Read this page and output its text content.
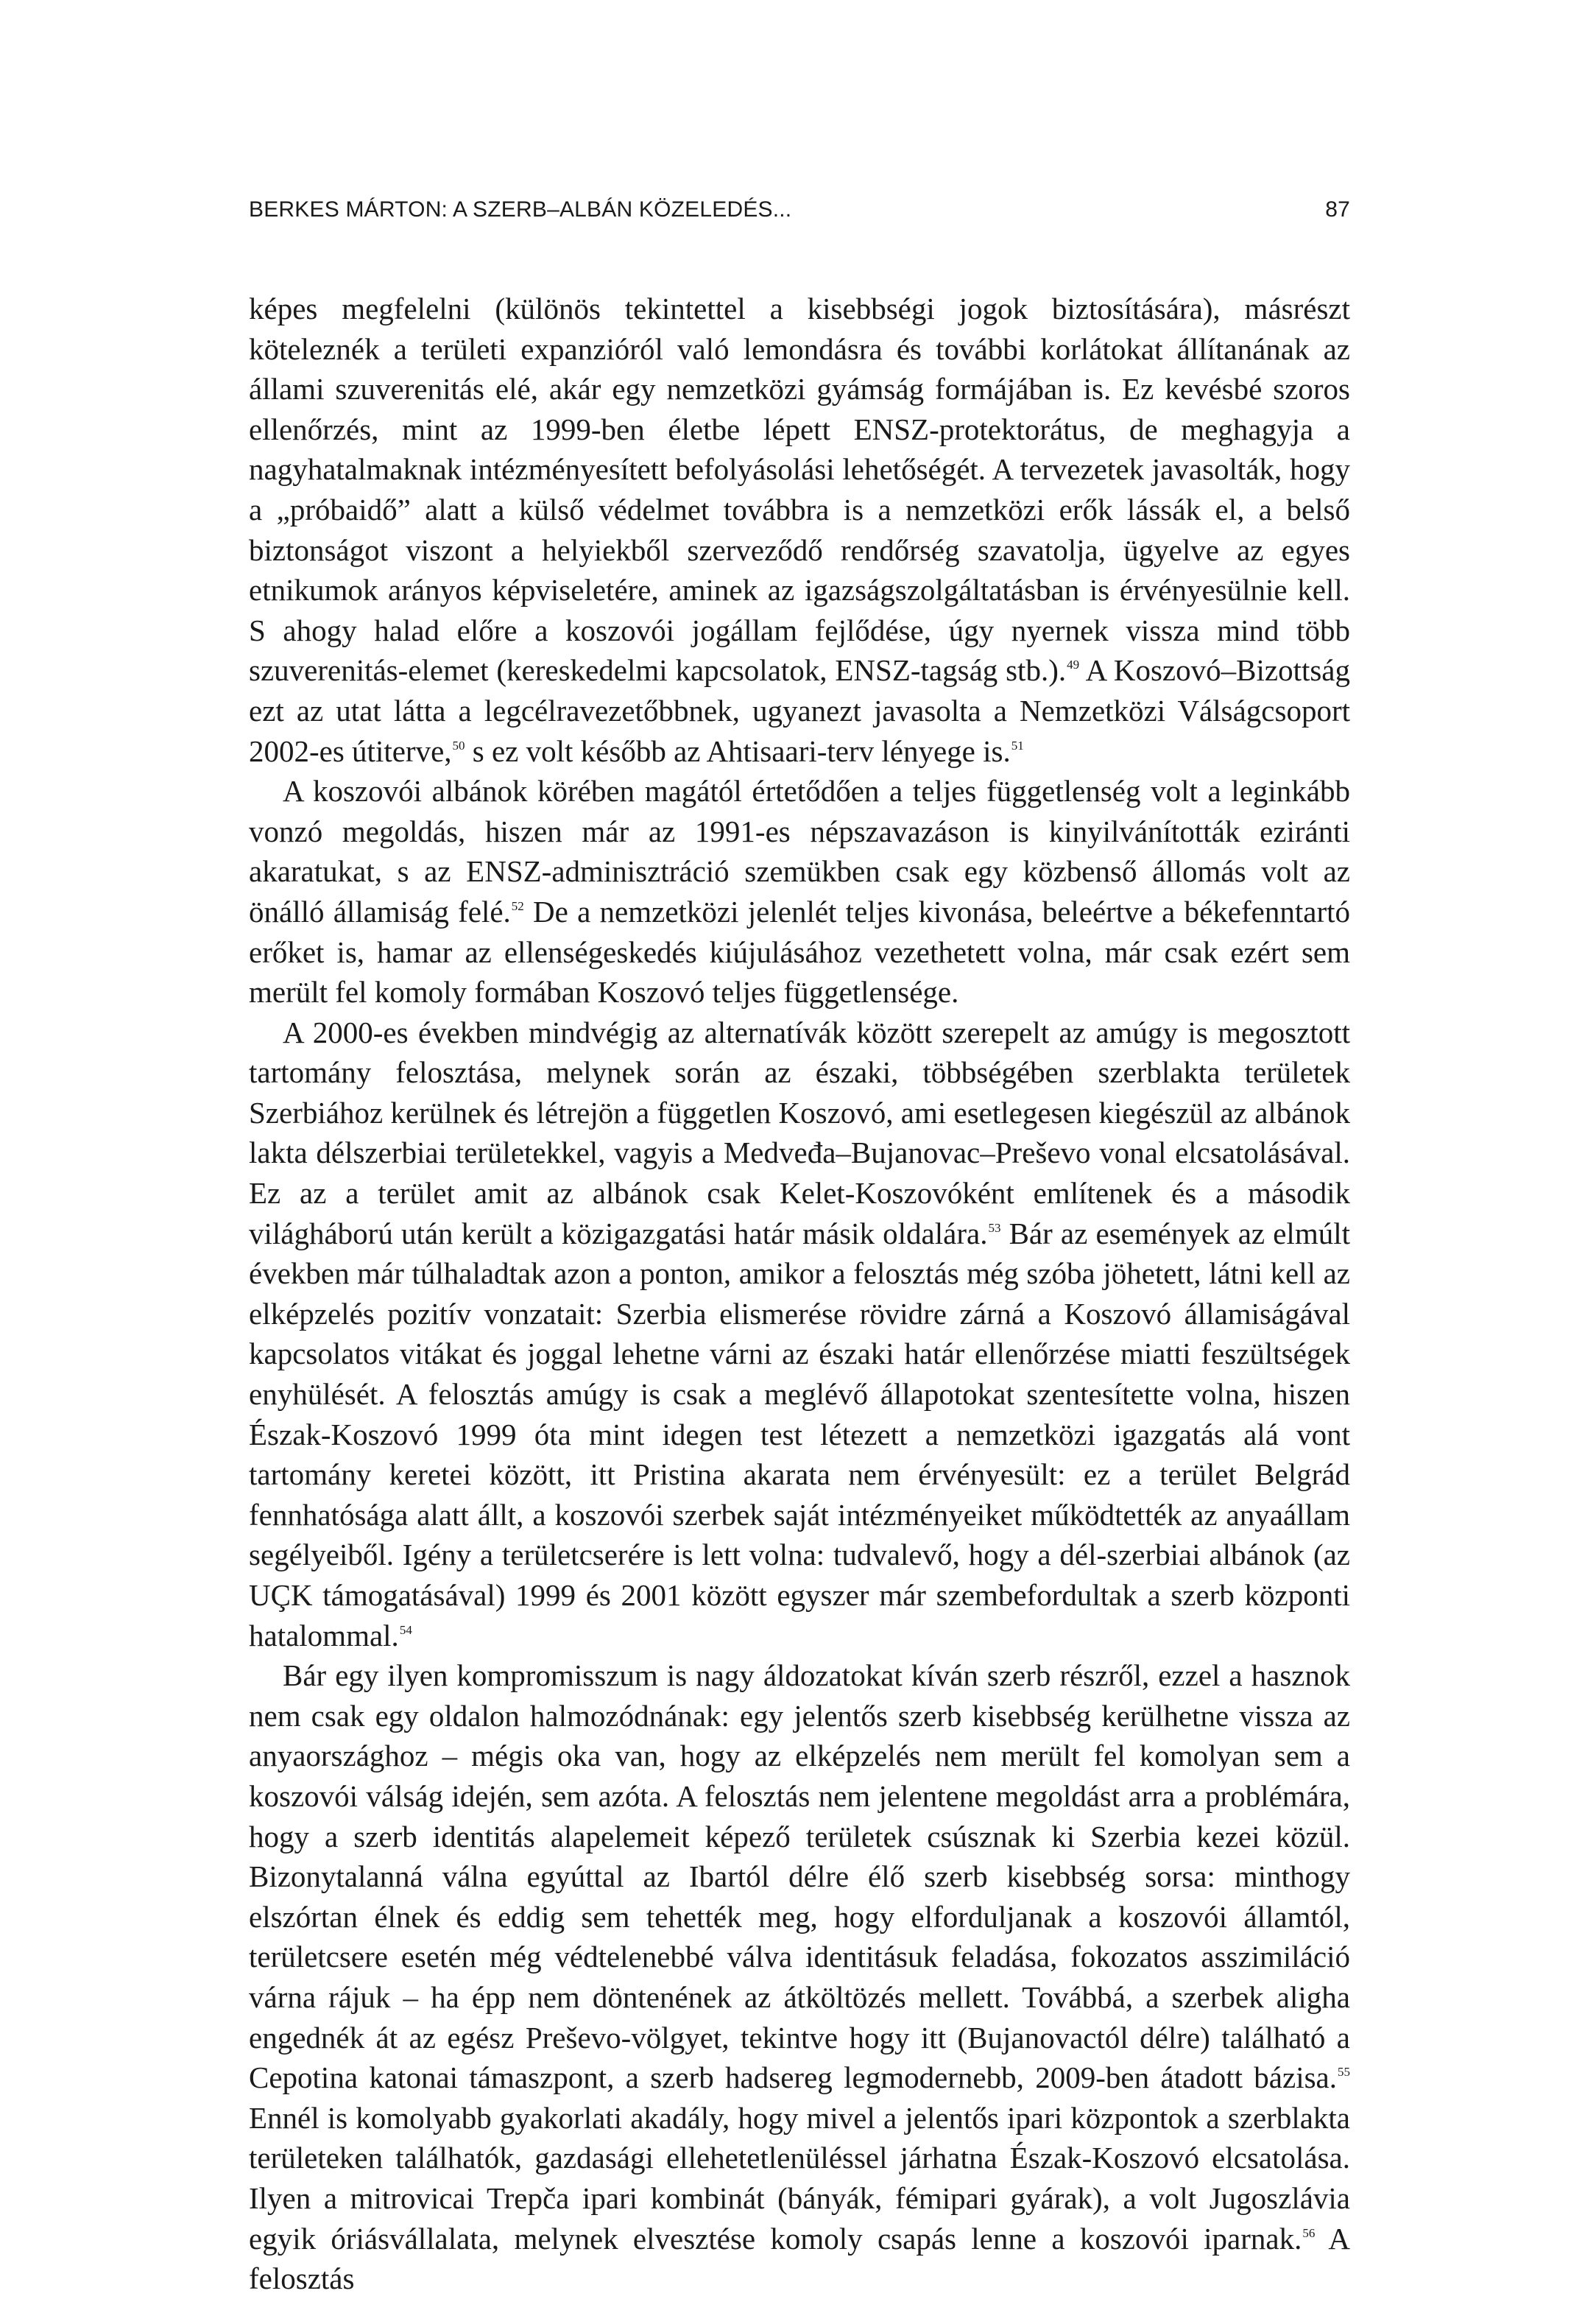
BERKES MÁRTON: A SZERB–ALBÁN KÖZELEDÉS...	87

képes megfelelni (különös tekintettel a kisebbségi jogok biztosítására), másrészt köteleznék a területi expanzióról való lemondásra és további korlátokat állítanának az állami szuverenitás elé, akár egy nemzetközi gyámság formájában is. Ez kevésbé szoros ellenőrzés, mint az 1999-ben életbe lépett ENSZ-protektorátus, de meghagyja a nagyhatalmaknak intézményesített befolyásolási lehetőségét. A tervezetek javasolták, hogy a „próbaidő” alatt a külső védelmet továbbra is a nemzetközi erők lássák el, a belső biztonságot viszont a helyiekből szerveződő rendőrség szavatolja, ügyelve az egyes etnikumok arányos képviseletére, aminek az igazságszolgáltatásban is érvényesülnie kell. S ahogy halad előre a koszovói jogállam fejlődése, úgy nyernek vissza mind több szuverenitás-elemet (kereskedelmi kapcsolatok, ENSZ-tagság stb.).$^{49}$ A Koszovó–Bizottság ezt az utat látta a legcélravezetőbbnek, ugyanezt javasolta a Nemzetközi Válságcsoport 2002-es útiterve,$^{50}$ s ez volt később az Ahtisaari-terv lényege is.$^{51}$

A koszovói albánok körében magától értetődően a teljes függetlenség volt a leginkább vonzó megoldás, hiszen már az 1991-es népszavazáson is kinyilvánították eziránti akaratukat, s az ENSZ-adminisztráció szemükben csak egy közbenső állomás volt az önálló államiság felé.$^{52}$ De a nemzetközi jelenlét teljes kivonása, beleértve a békefenntartó erőket is, hamar az ellenségeskedés kiújulásához vezethetett volna, már csak ezért sem merült fel komoly formában Koszovó teljes függetlensége.

A 2000-es években mindvégig az alternatívák között szerepelt az amúgy is megosztott tartomány felosztása, melynek során az északi, többségében szerblakta területek Szerbiához kerülnek és létrejön a független Koszovó, ami esetlegesen kiegészül az albánok lakta délszerbiai területekkel, vagyis a Medveđa–Bujanovac–Preševo vonal elcsatolásával. Ez az a terület amit az albánok csak Kelet-Koszovóként említenek és a második világháború után került a közigazgatási határ másik oldalára.$^{53}$ Bár az események az elmúlt években már túlhaladtak azon a ponton, amikor a felosztás még szóba jöhetett, látni kell az elképzelés pozitív vonzatait: Szerbia elismerése rövidre zárná a Koszovó államiságával kapcsolatos vitákat és joggal lehetne várni az északi határ ellenőrzése miatti feszültségek enyhülését. A felosztás amúgy is csak a meglévő állapotokat szentesítette volna, hiszen Észak-Koszovó 1999 óta mint idegen test létezett a nemzetközi igazgatás alá vont tartomány keretei között, itt Pristina akarata nem érvényesült: ez a terület Belgrád fennhatósága alatt állt, a koszovói szerbek saját intézményeiket működtették az anyaállam segélyeiből. Igény a területcserére is lett volna: tudvalevő, hogy a dél-szerbiai albánok (az UÇK támogatásával) 1999 és 2001 között egyszer már szembefordultak a szerb központi hatalommal.$^{54}$

Bár egy ilyen kompromisszum is nagy áldozatokat kíván szerb részről, ezzel a hasznok nem csak egy oldalon halmozódnának: egy jelentős szerb kisebbség kerülhetne vissza az anyaországhoz – mégis oka van, hogy az elképzelés nem merült fel komolyan sem a koszovói válság idején, sem azóta. A felosztás nem jelentene megoldást arra a problémára, hogy a szerb identitás alapelemeit képező területek csúsznak ki Szerbia kezei közül. Bizonytalanná válna egyúttal az Ibartól délre élő szerb kisebbség sorsa: minthogy elszórtan élnek és eddig sem tehették meg, hogy elforduljanak a koszovói államtól, területcsere esetén még védtelenebbé válva identitásuk feladása, fokozatos asszimiláció várna rájuk – ha épp nem döntenének az átköltözés mellett. Továbbá, a szerbek aligha engednék át az egész Preševo-völgyet, tekintve hogy itt (Bujanovactól délre) található a Cepotina katonai támaszpont, a szerb hadsereg legmodernebb, 2009-ben átadott bázisa.$^{55}$ Ennél is komolyabb gyakorlati akadály, hogy mivel a jelentős ipari központok a szerblakta területeken találhatók, gazdasági ellehetetlenüléssel járhatna Észak-Koszovó elcsatolása. Ilyen a mitrovicai Trepča ipari kombinát (bányák, fémipari gyárak), a volt Jugoszlávia egyik óriásvállalata, melynek elvesztése komoly csapás lenne a koszovói iparnak.$^{56}$ A felosztás
